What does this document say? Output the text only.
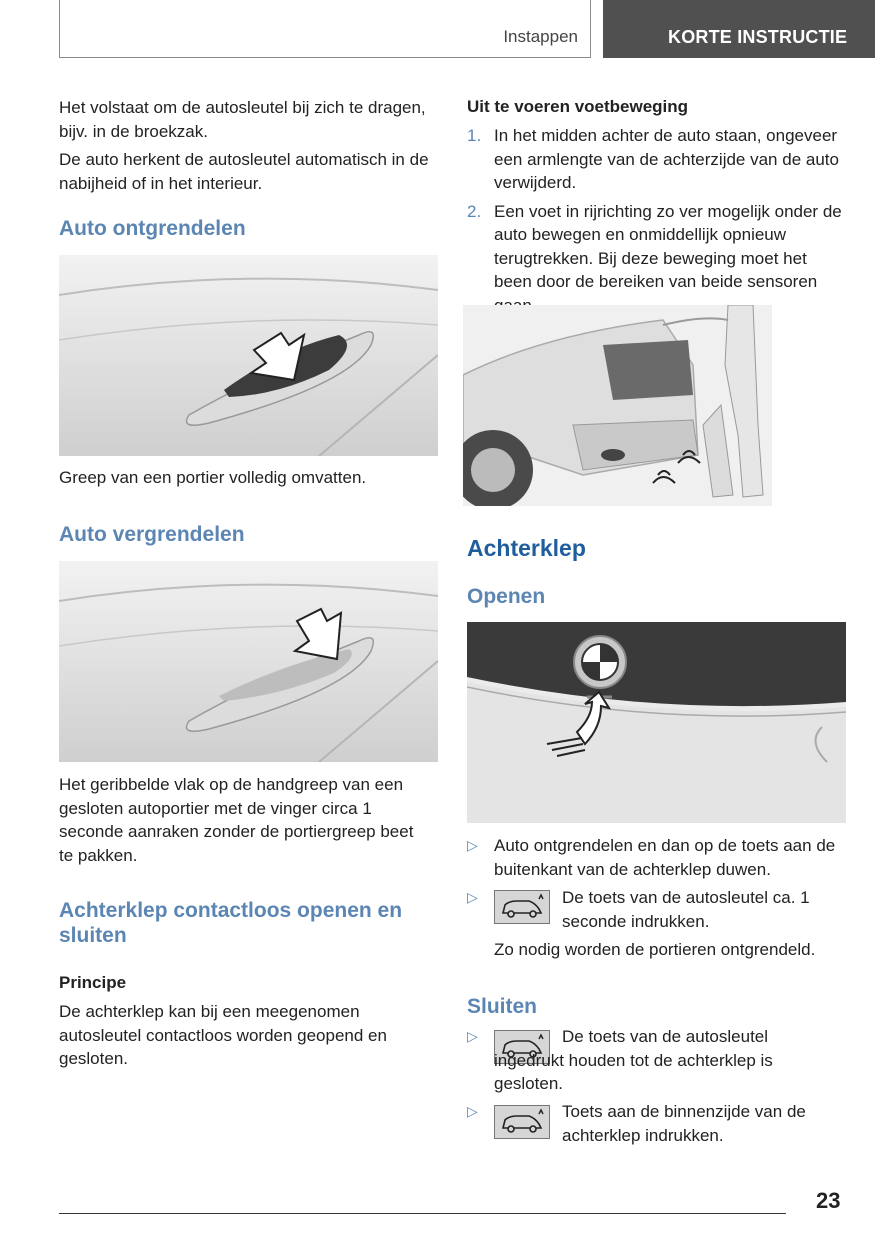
Instappen	KORTE INSTRUCTIE

Het volstaat om de autosleutel bij zich te dragen, bijv. in de broekzak.

De auto herkent de autosleutel automatisch in de nabijheid of in het interieur.

Auto ontgrendelen

Greep van een portier volledig omvatten.

Auto vergrendelen

Het geribbelde vlak op de handgreep van een gesloten autoportier met de vinger circa 1 seconde aanraken zonder de portiergreep beet te pakken.

Achterklep contactloos openen en sluiten
Principe

De achterklep kan bij een meegenomen autosleutel contactloos worden geopend en gesloten.

Uit te voeren voetbeweging
1. In het midden achter de auto staan, ongeveer een armlengte van de achterzijde van de auto verwijderd.

2. Een voet in rijrichting zo ver mogelijk onder de auto bewegen en onmiddellijk opnieuw terugtrekken. Bij deze beweging moet het been door de bereiken van beide sensoren

Achterklep
Openen
▷ Auto ontgrendelen en dan op de toets aan de buitenkant van de achterklep duwen.

▷	De toets van de autosleutel ca. 1 seconde indrukken.

Zo nodig worden de portieren ontgrendeld.

Sluiten
▷	De toets van de autosleutel ingedrukt houden tot de achterklep is gesloten.

▷	Toets aan de binnenzijde van de achterklep indrukken.

23
